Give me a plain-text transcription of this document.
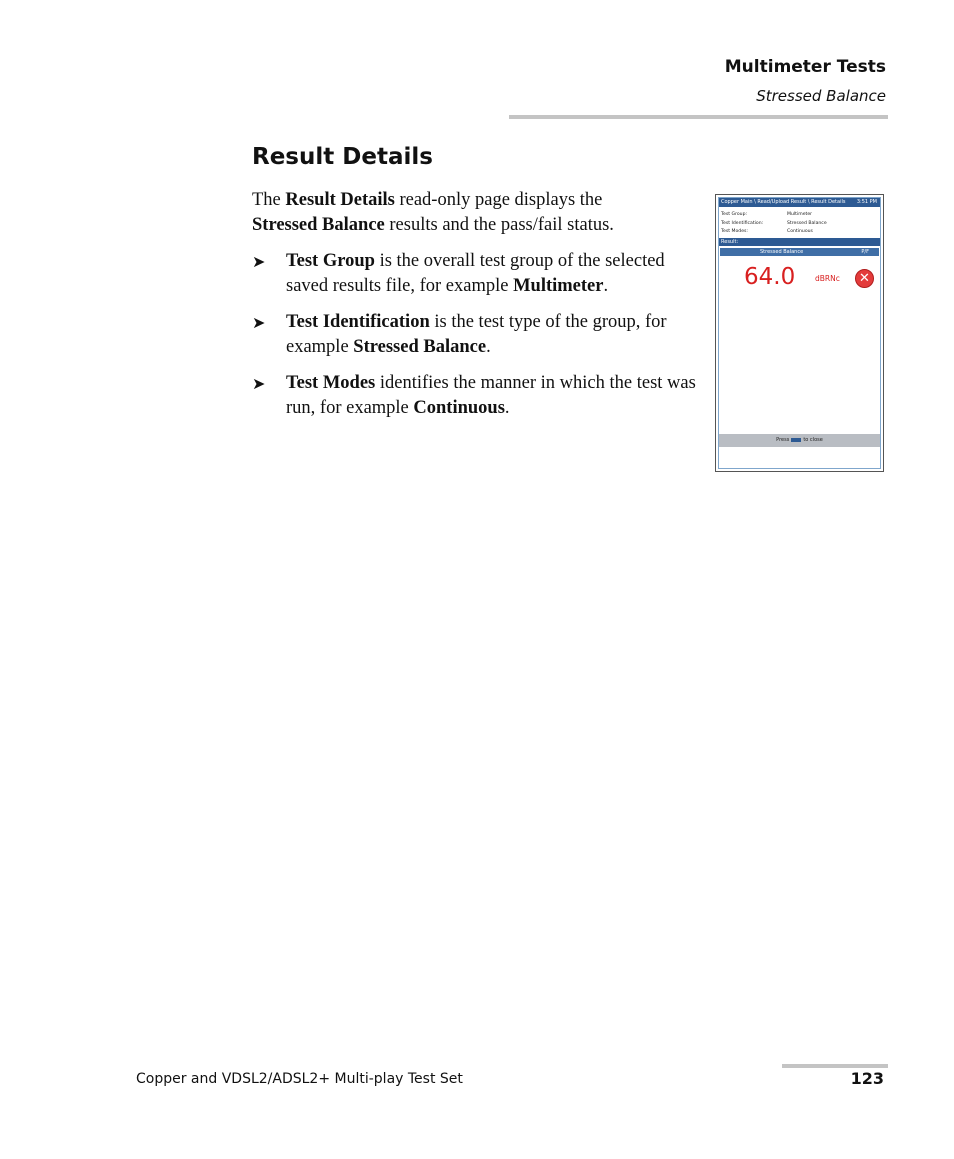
Multimeter Tests
Stressed Balance
Result Details

The Result Details read-only page displays the Stressed Balance results and the pass/fail status.

➤ Test Group is the overall test group of the selected saved results file, for example Multimeter.
➤ Test Identification is the test type of the group, for example Stressed Balance.
➤ Test Modes identifies the manner in which the test was run, for example Continuous.
Copper Main \ Read/Upload Result \ Result Details 3:51 PM
Test Group:	Multimeter
Test Identification:	Stressed Balance
Test Modes:	Continuous
Result:
Stressed Balance	P/F
64.0	dBRNc	✕
Press	to close
Copper and VDSL2/ADSL2+ Multi-play Test Set	123
